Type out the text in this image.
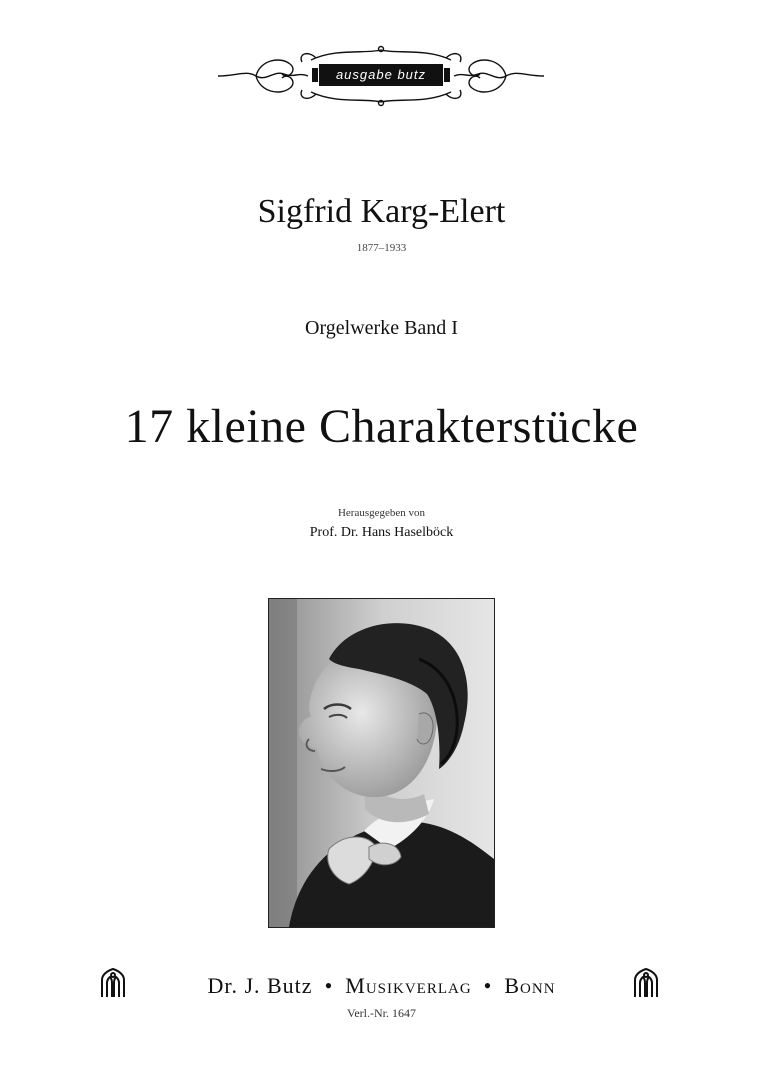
ausgabe butz
Sigfrid Karg-Elert
1877–1933
Orgelwerke Band I
17 kleine Charakterstücke
Herausgegeben von
Prof. Dr. Hans Haselböck
Dr. J. Butz • Musikverlag • Bonn
Verl.-Nr. 1647
